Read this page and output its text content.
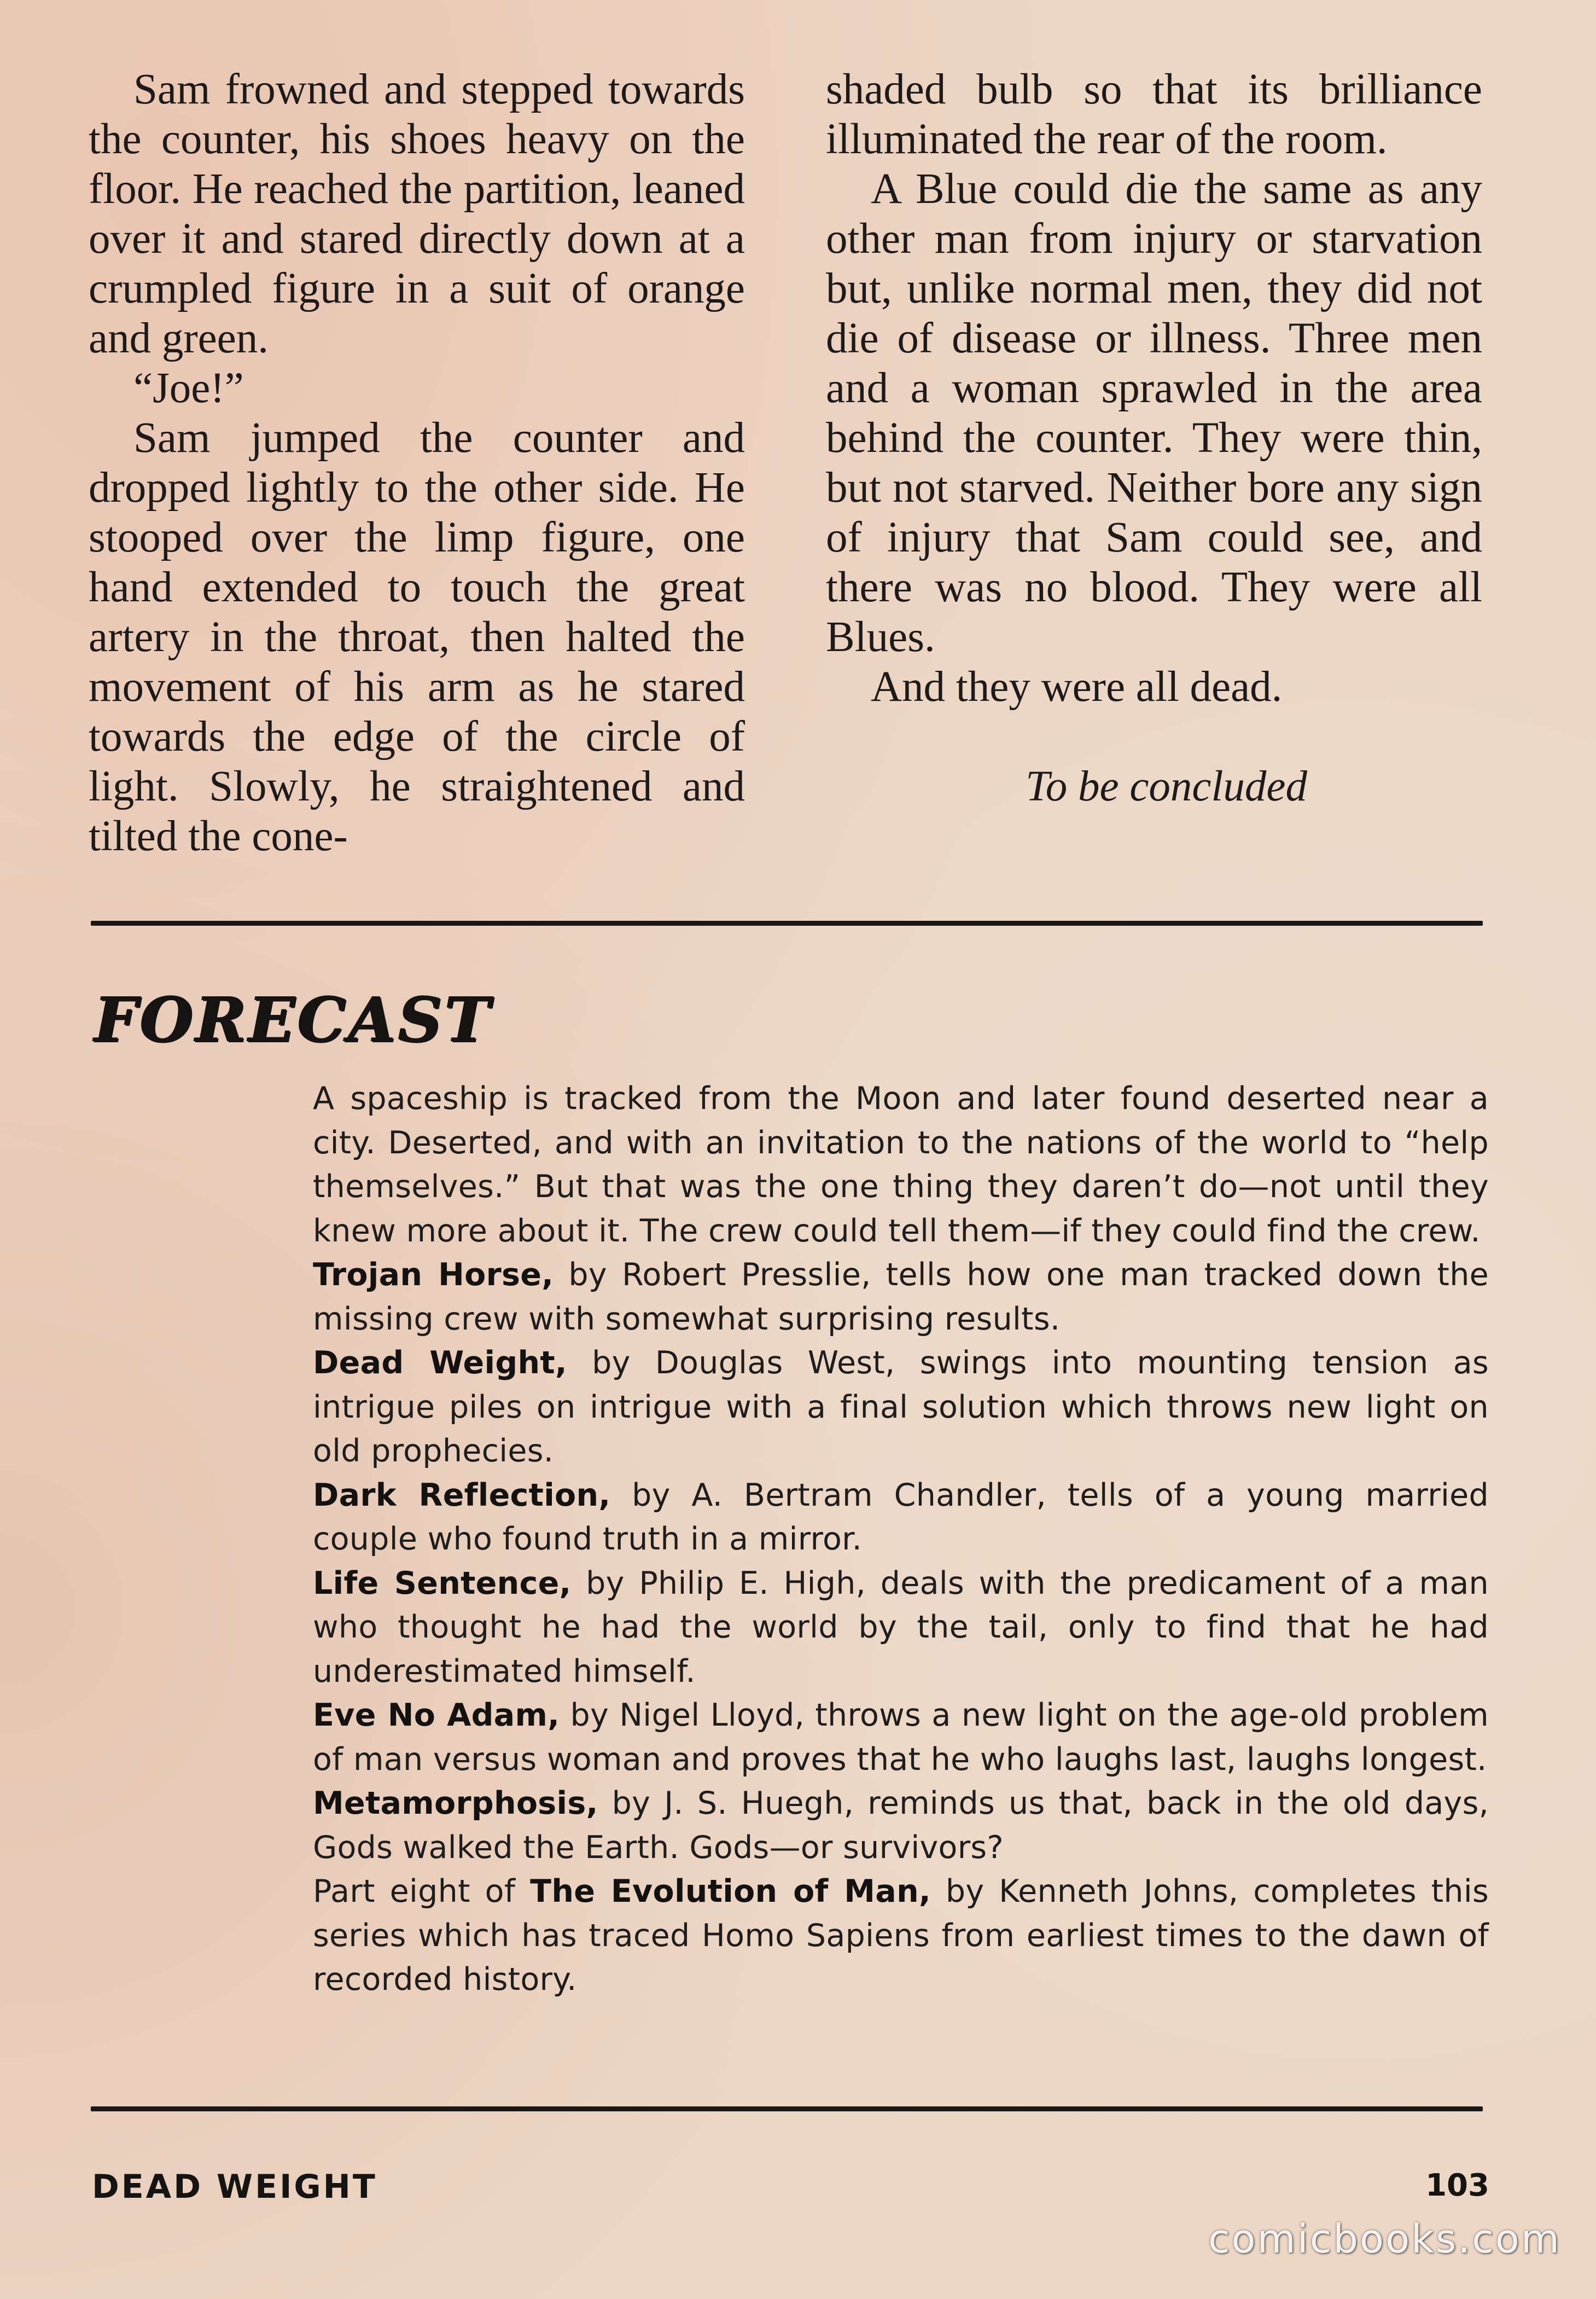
Sam frowned and stepped towards the counter, his shoes heavy on the floor. He reached the partition, leaned over it and stared directly down at a crumpled figure in a suit of orange and green.

“Joe!”

Sam jumped the counter and dropped lightly to the other side. He stooped over the limp figure, one hand extended to touch the great artery in the throat, then halted the movement of his arm as he stared towards the edge of the circle of light. Slowly, he straightened and tilted the cone-

shaded bulb so that its brilliance illuminated the rear of the room.

A Blue could die the same as any other man from injury or starvation but, unlike normal men, they did not die of disease or illness. Three men and a woman sprawled in the area behind the counter. They were thin, but not starved. Neither bore any sign of injury that Sam could see, and there was no blood. They were all Blues.

And they were all dead.

To be concluded

FORECAST

A spaceship is tracked from the Moon and later found deserted near a city. Deserted, and with an invitation to the nations of the world to “help themselves.” But that was the one thing they daren’t do—not until they knew more about it. The crew could tell them—if they could find the crew.

Trojan Horse, by Robert Presslie, tells how one man tracked down the missing crew with somewhat surprising results.

Dead Weight, by Douglas West, swings into mounting tension as intrigue piles on intrigue with a final solution which throws new light on old prophecies.

Dark Reflection, by A. Bertram Chandler, tells of a young married couple who found truth in a mirror.

Life Sentence, by Philip E. High, deals with the predicament of a man who thought he had the world by the tail, only to find that he had underestimated himself.

Eve No Adam, by Nigel Lloyd, throws a new light on the age-old problem of man versus woman and proves that he who laughs last, laughs longest.

Metamorphosis, by J. S. Huegh, reminds us that, back in the old days, Gods walked the Earth. Gods—or survivors?

Part eight of The Evolution of Man, by Kenneth Johns, completes this series which has traced Homo Sapiens from earliest times to the dawn of recorded history.

DEAD WEIGHT	103
comicbooks.com
